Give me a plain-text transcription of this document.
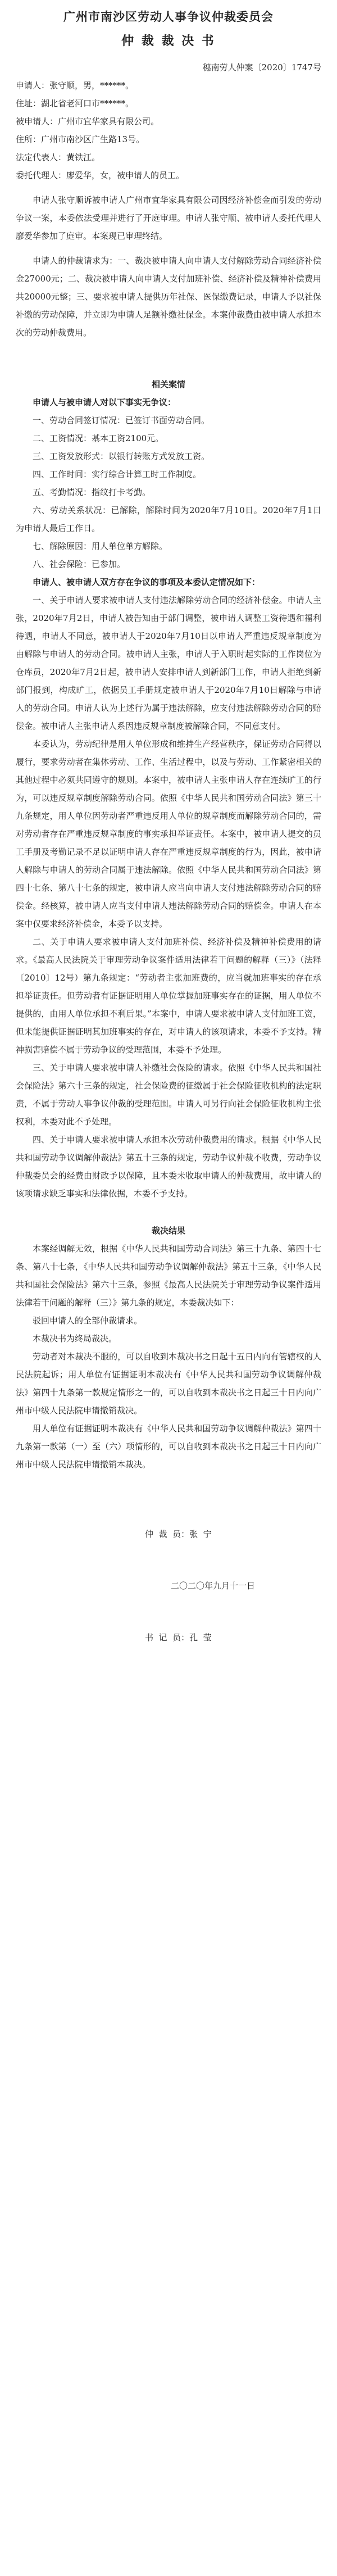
广州市南沙区劳动人事争议仲裁委员会
仲 裁 裁 决 书
穗南劳人仲案〔2020〕1747号

申请人：张守顺，男，******。

住址：湖北省老河口市******。

被申请人：广州市宜华家具有限公司。

住所：广州市南沙区广生路13号。

法定代表人：黄铁江。

委托代理人：廖爱华，女，被申请人的员工。

申请人张守顺诉被申请人广州市宜华家具有限公司因经济补偿金而引发的劳动争议一案，本委依法受理并进行了开庭审理。申请人张守顺、被申请人委托代理人廖爱华参加了庭审。本案现已审理终结。

申请人的仲裁请求为：一、裁决被申请人向申请人支付解除劳动合同经济补偿金27000元；二、裁决被申请人向申请人支付加班补偿、经济补偿及精神补偿费用共20000元整；三、要求被申请人提供历年社保、医保缴费记录，申请人予以社保补缴的劳动保障，并立即为申请人足额补缴社保金。本案仲裁费由被申请人承担本次的劳动仲裁费用。

相关案情

申请人与被申请人对以下事实无争议：

一、劳动合同签订情况：已签订书面劳动合同。

二、工资情况：基本工资2100元。

三、工资发放形式：以银行转账方式发放工资。

四、工作时间：实行综合计算工时工作制度。

五、考勤情况：指纹打卡考勤。

六、劳动关系状况：已解除，解除时间为2020年7月10日。2020年7月1日为申请人最后工作日。

七、解除原因：用人单位单方解除。

八、社会保险：已参加。

申请人、被申请人双方存在争议的事项及本委认定情况如下：

一、关于申请人要求被申请人支付违法解除劳动合同的经济补偿金。申请人主张，2020年7月2日，申请人被告知由于部门调整，被申请人调整工资待遇和福利待遇，申请人不同意，被申请人于2020年7月10日以申请人严重违反规章制度为由解除与申请人的劳动合同。被申请人主张，申请人于入职时起实际的工作岗位为仓库员，2020年7月2日起，被申请人安排申请人到新部门工作，申请人拒绝到新部门报到，构成旷工，依据员工手册规定被申请人于2020年7月10日解除与申请人的劳动合同。申请人认为上述行为属于违法解除，应支付违法解除劳动合同的赔偿金。被申请人主张申请人系因违反规章制度被解除合同，不同意支付。

本委认为，劳动纪律是用人单位形成和维持生产经营秩序，保证劳动合同得以履行，要求劳动者在集体劳动、工作、生活过程中，以及与劳动、工作紧密相关的其他过程中必须共同遵守的规则。本案中，被申请人主张申请人存在连续旷工的行为，可以违反规章制度解除劳动合同。依照《中华人民共和国劳动合同法》第三十九条规定，用人单位因劳动者严重违反用人单位的规章制度而解除劳动合同的，需对劳动者存在严重违反规章制度的事实承担举证责任。本案中，被申请人提交的员工手册及考勤记录不足以证明申请人存在严重违反规章制度的行为，因此，被申请人解除与申请人的劳动合同属于违法解除。依照《中华人民共和国劳动合同法》第四十七条、第八十七条的规定，被申请人应当向申请人支付违法解除劳动合同的赔偿金。经核算，被申请人应当支付申请人违法解除劳动合同的赔偿金。申请人在本案中仅要求经济补偿金，本委予以支持。

二、关于申请人要求被申请人支付加班补偿、经济补偿及精神补偿费用的请求。《最高人民法院关于审理劳动争议案件适用法律若干问题的解释（三）》（法释〔2010〕12号）第九条规定：“劳动者主张加班费的，应当就加班事实的存在承担举证责任。但劳动者有证据证明用人单位掌握加班事实存在的证据，用人单位不提供的，由用人单位承担不利后果。”本案中，申请人要求被申请人支付加班工资，但未能提供证据证明其加班事实的存在，对申请人的该项请求，本委不予支持。精神损害赔偿不属于劳动争议的受理范围，本委不予处理。

三、关于申请人要求被申请人补缴社会保险的请求。依照《中华人民共和国社会保险法》第六十三条的规定，社会保险费的征缴属于社会保险征收机构的法定职责，不属于劳动人事争议仲裁的受理范围。申请人可另行向社会保险征收机构主张权利，本委对此不予处理。

四、关于申请人要求被申请人承担本次劳动仲裁费用的请求。根据《中华人民共和国劳动争议调解仲裁法》第五十三条的规定，劳动争议仲裁不收费，劳动争议仲裁委员会的经费由财政予以保障，且本委未收取申请人的仲裁费用，故申请人的该项请求缺乏事实和法律依据，本委不予支持。

裁决结果

本案经调解无效，根据《中华人民共和国劳动合同法》第三十九条、第四十七条、第八十七条，《中华人民共和国劳动争议调解仲裁法》第五十三条，《中华人民共和国社会保险法》第六十三条，参照《最高人民法院关于审理劳动争议案件适用法律若干问题的解释（三）》第九条的规定，本委裁决如下：

驳回申请人的全部仲裁请求。

本裁决书为终局裁决。

劳动者对本裁决不服的，可以自收到本裁决书之日起十五日内向有管辖权的人民法院起诉；用人单位有证据证明本裁决有《中华人民共和国劳动争议调解仲裁法》第四十九条第一款规定情形之一的，可以自收到本裁决书之日起三十日内向广州市中级人民法院申请撤销裁决。

用人单位有证据证明本裁决有《中华人民共和国劳动争议调解仲裁法》第四十九条第一款第（一）至（六）项情形的，可以自收到本裁决书之日起三十日内向广州市中级人民法院申请撤销本裁决。

仲  裁  员：张  宁

二〇二〇年九月十一日

书  记  员：孔  莹
